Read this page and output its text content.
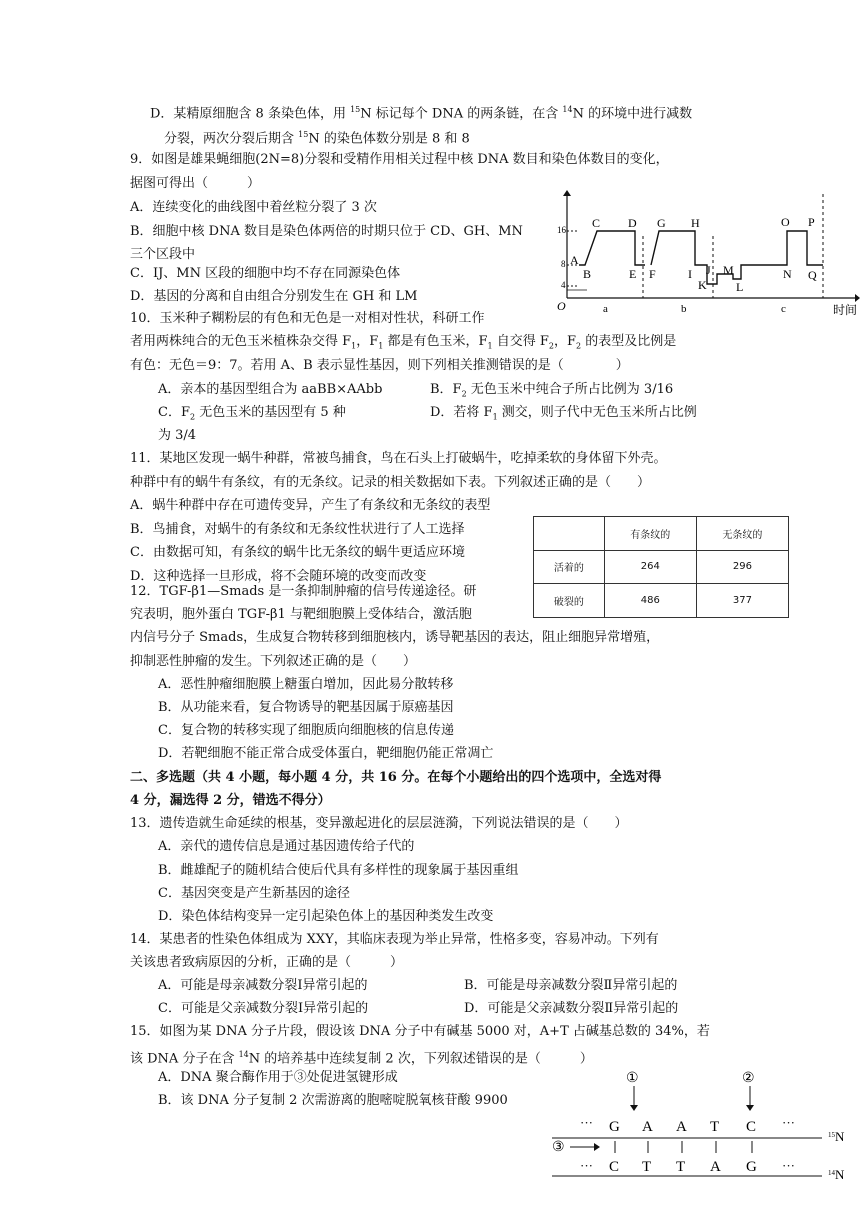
D．某精原细胞含 8 条染色体，用 $^{15}$N 标记每个 DNA 的两条链，在含 $^{14}$N 的环境中进行减数
分裂，两次分裂后期含 $^{15}$N 的染色体数分别是 8 和 8
9．如图是雄果蝇细胞(2N=8)分裂和受精作用相关过程中核 DNA 数目和染色体数目的变化，
据图可得出（　　　）
A．连续变化的曲线图中着丝粒分裂了 3 次
B．细胞中核 DNA 数目是染色体两倍的时期只位于 CD、GH、MN
三个区段中
C．IJ、MN 区段的细胞中均不存在同源染色体
D．基因的分离和自由组合分别发生在 GH 和 LM
16
8
4
O	时间
A
B
C D
E F
G H
I J
K L
M	N
O P
Q
a	b	c
10．玉米种子糊粉层的有色和无色是一对相对性状，科研工作
者用两株纯合的无色玉米植株杂交得 $F_1$，$F_1$ 都是有色玉米，$F_1$ 自交得 $F_2$，$F_2$ 的表型及比例是
有色：无色＝9：7。若用 A、B 表示显性基因，则下列相关推测错误的是（　　　　）
A．亲本的基因型组合为 aaBB×AAbb	B．$F_2$ 无色玉米中纯合子所占比例为 3/16
C．$F_2$ 无色玉米的基因型有 5 种	D．若将 $F_1$ 测交，则子代中无色玉米所占比例
为 3/4
11．某地区发现一蜗牛种群，常被鸟捕食，鸟在石头上打破蜗牛，吃掉柔软的身体留下外壳。
种群中有的蜗牛有条纹，有的无条纹。记录的相关数据如下表。下列叙述正确的是（　　）
A．蜗牛种群中存在可遗传变异，产生了有条纹和无条纹的表型
B．鸟捕食，对蜗牛的有条纹和无条纹性状进行了人工选择
C．由数据可知，有条纹的蜗牛比无条纹的蜗牛更适应环境
D．这种选择一旦形成，将不会随环境的改变而改变
	有条纹的	无条纹的
活着的	264	296
破裂的	486	377
12．TGF-β1—Smads 是一条抑制肿瘤的信号传递途径。研
究表明，胞外蛋白 TGF-β1 与靶细胞膜上受体结合，激活胞
内信号分子 Smads，生成复合物转移到细胞核内，诱导靶基因的表达，阻止细胞异常增殖，
抑制恶性肿瘤的发生。下列叙述正确的是（　　）
A．恶性肿瘤细胞膜上糖蛋白增加，因此易分散转移
B．从功能来看，复合物诱导的靶基因属于原癌基因
C．复合物的转移实现了细胞质向细胞核的信息传递
D．若靶细胞不能正常合成受体蛋白，靶细胞仍能正常凋亡
二、多选题（共 4 小题，每小题 4 分，共 16 分。在每个小题给出的四个选项中，全选对得
4 分，漏选得 2 分，错选不得分）
13．遗传造就生命延续的根基，变异激起进化的层层涟漪，下列说法错误的是（　　）
A．亲代的遗传信息是通过基因遗传给子代的
B．雌雄配子的随机结合使后代具有多样性的现象属于基因重组
C．基因突变是产生新基因的途径
D．染色体结构变异一定引起染色体上的基因种类发生改变
14．某患者的性染色体组成为 XXY，其临床表现为举止异常，性格多变，容易冲动。下列有
关该患者致病原因的分析，正确的是（　　　）
A．可能是母亲减数分裂Ⅰ异常引起的	B．可能是母亲减数分裂Ⅱ异常引起的
C．可能是父亲减数分裂Ⅰ异常引起的	D．可能是父亲减数分裂Ⅱ异常引起的
15．如图为某 DNA 分子片段，假设该 DNA 分子中有碱基 5000 对，A+T 占碱基总数的 34%，若
该 DNA 分子在含 $^{14}$N 的培养基中连续复制 2 次，下列叙述错误的是（　　　）
A．DNA 聚合酶作用于③处促进氢键形成
B．该 DNA 分子复制 2 次需游离的胞嘧啶脱氧核苷酸 9900
①	②
$^{15}$N
··· G A A T C ···
③
··· C T T A G ···	$^{14}$N
